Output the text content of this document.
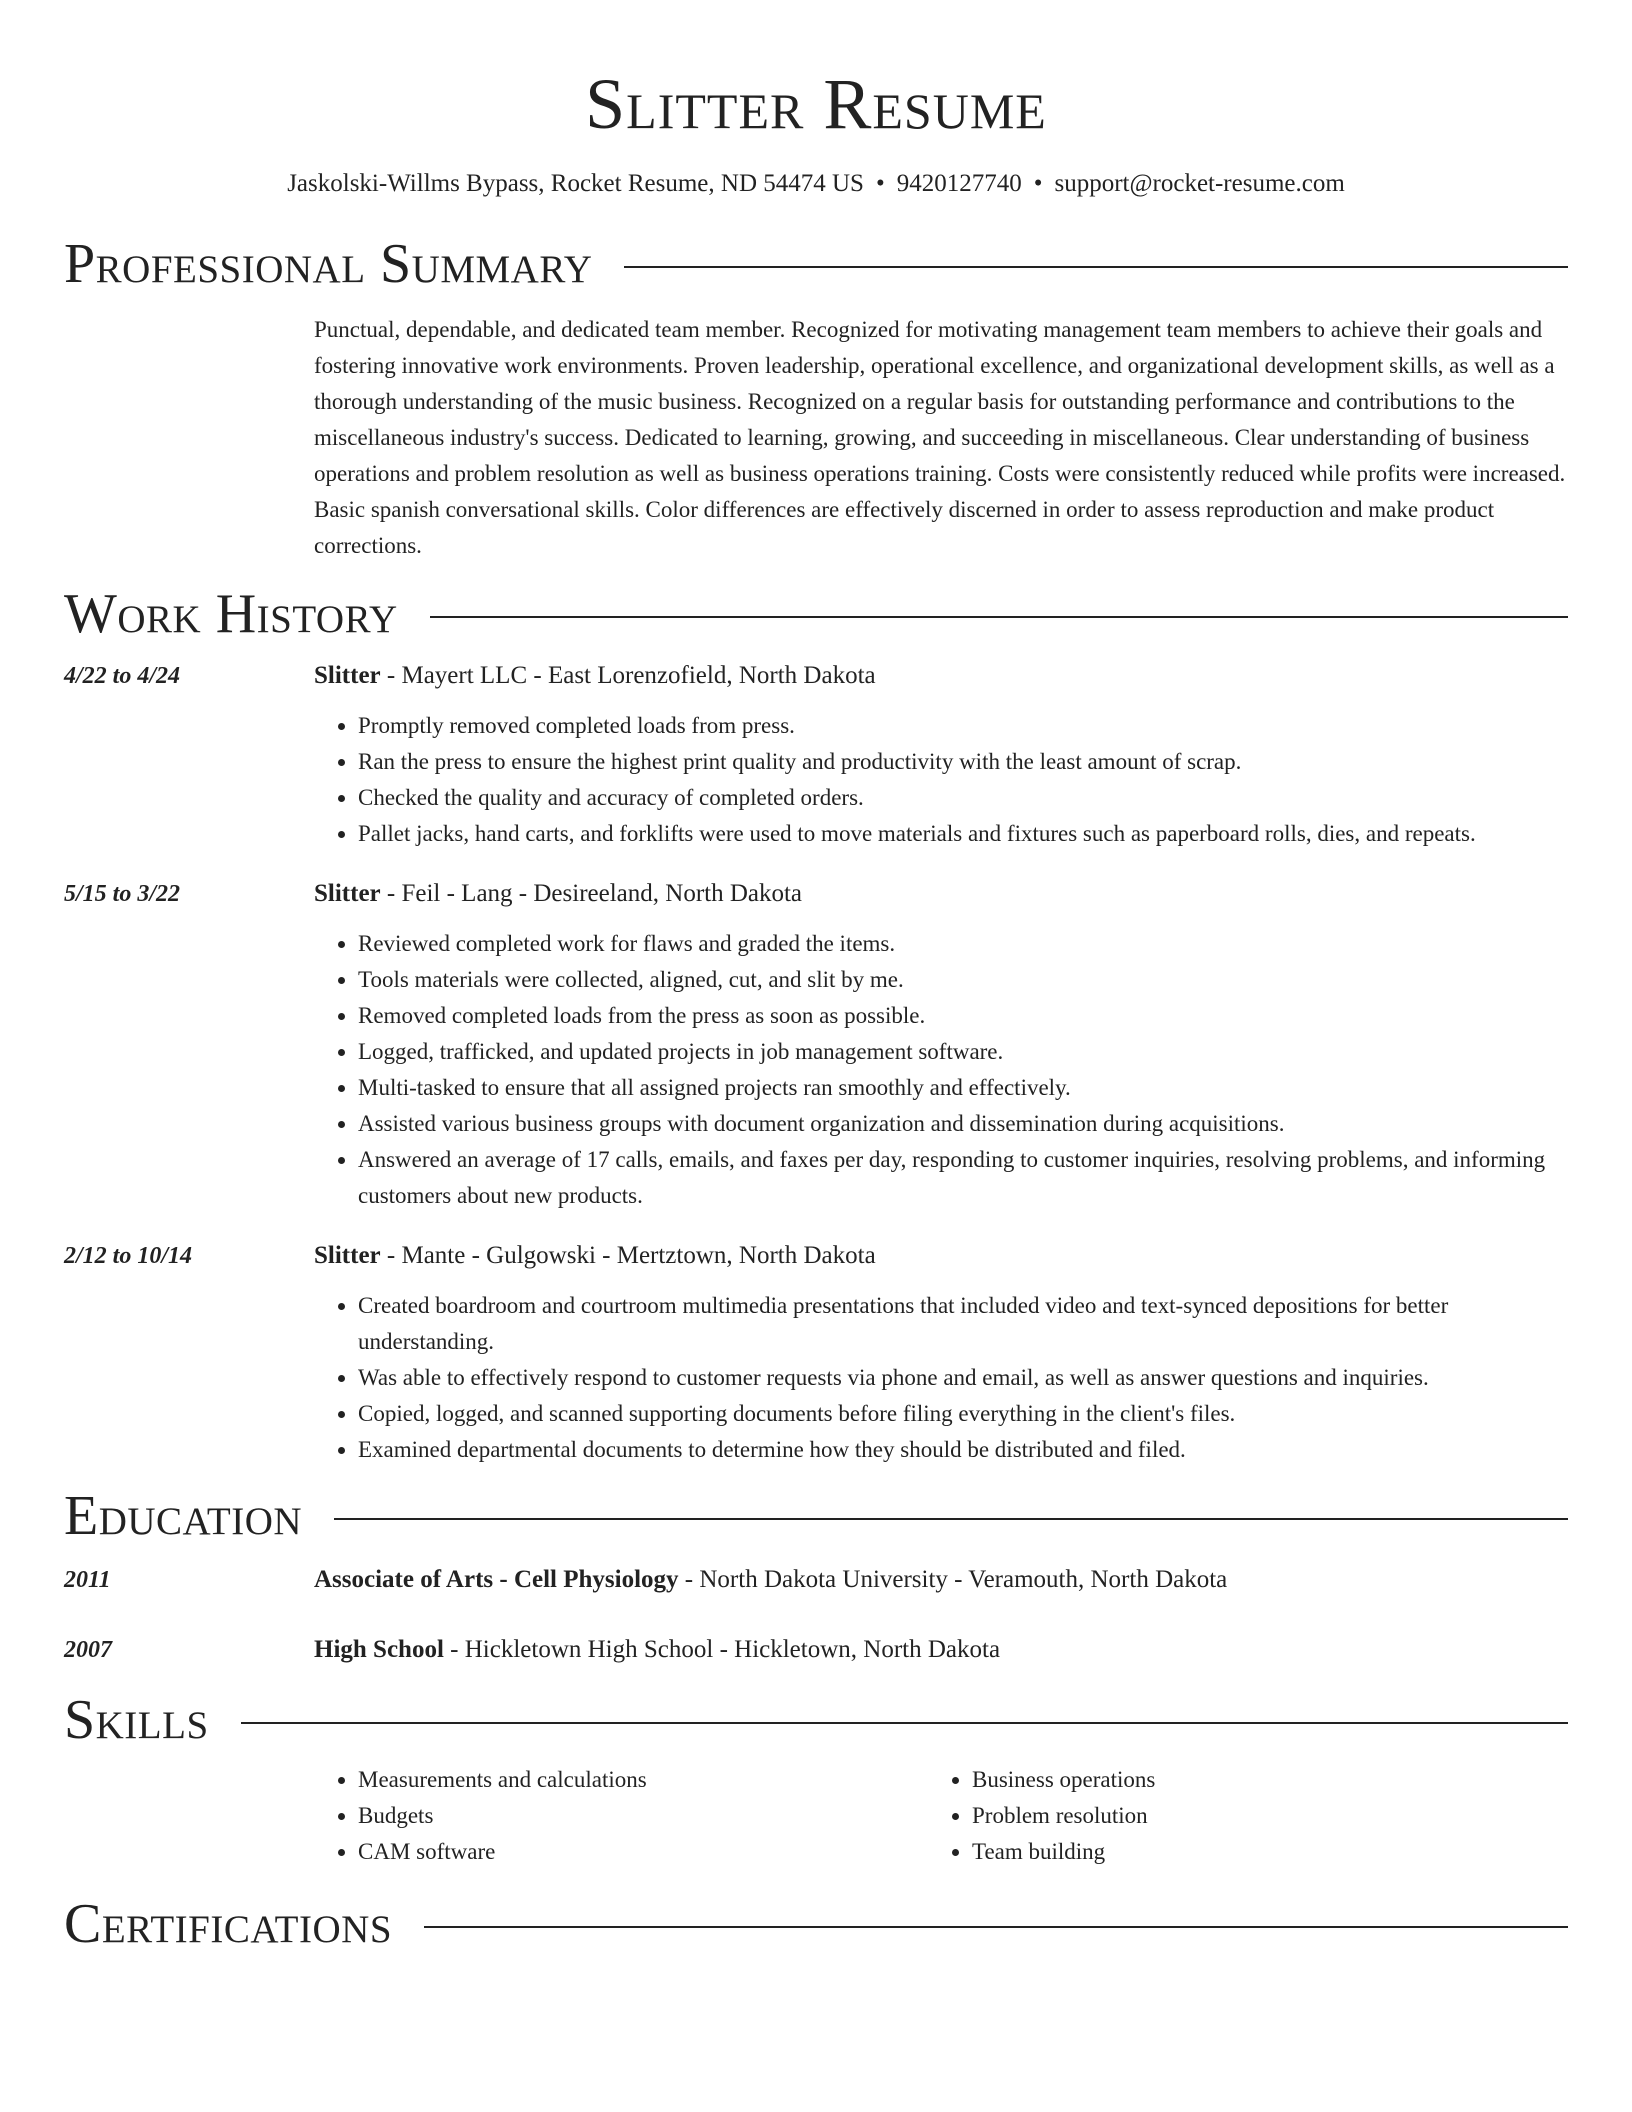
Slitter Resume
Jaskolski-Willms Bypass, Rocket Resume, ND 54474 US • 9420127740 • support@rocket-resume.com
Professional Summary
Punctual, dependable, and dedicated team member. Recognized for motivating management team members to achieve their goals and fostering innovative work environments. Proven leadership, operational excellence, and organizational development skills, as well as a thorough understanding of the music business. Recognized on a regular basis for outstanding performance and contributions to the miscellaneous industry's success. Dedicated to learning, growing, and succeeding in miscellaneous. Clear understanding of business operations and problem resolution as well as business operations training. Costs were consistently reduced while profits were increased. Basic spanish conversational skills. Color differences are effectively discerned in order to assess reproduction and make product corrections.
Work History
4/22 to 4/24	Slitter - Mayert LLC - East Lorenzofield, North Dakota
• Promptly removed completed loads from press.
• Ran the press to ensure the highest print quality and productivity with the least amount of scrap.
• Checked the quality and accuracy of completed orders.
• Pallet jacks, hand carts, and forklifts were used to move materials and fixtures such as paperboard rolls, dies, and repeats.
5/15 to 3/22	Slitter - Feil - Lang - Desireeland, North Dakota
• Reviewed completed work for flaws and graded the items.
• Tools materials were collected, aligned, cut, and slit by me.
• Removed completed loads from the press as soon as possible.
• Logged, trafficked, and updated projects in job management software.
• Multi-tasked to ensure that all assigned projects ran smoothly and effectively.
• Assisted various business groups with document organization and dissemination during acquisitions.
• Answered an average of 17 calls, emails, and faxes per day, responding to customer inquiries, resolving problems, and informing customers about new products.
2/12 to 10/14	Slitter - Mante - Gulgowski - Mertztown, North Dakota
• Created boardroom and courtroom multimedia presentations that included video and text-synced depositions for better understanding.
• Was able to effectively respond to customer requests via phone and email, as well as answer questions and inquiries.
• Copied, logged, and scanned supporting documents before filing everything in the client's files.
• Examined departmental documents to determine how they should be distributed and filed.
Education
2011	Associate of Arts - Cell Physiology - North Dakota University - Veramouth, North Dakota
2007	High School - Hickletown High School - Hickletown, North Dakota
Skills
• Measurements and calculations
• Budgets
• CAM software
• Business operations
• Problem resolution
• Team building
Certifications
